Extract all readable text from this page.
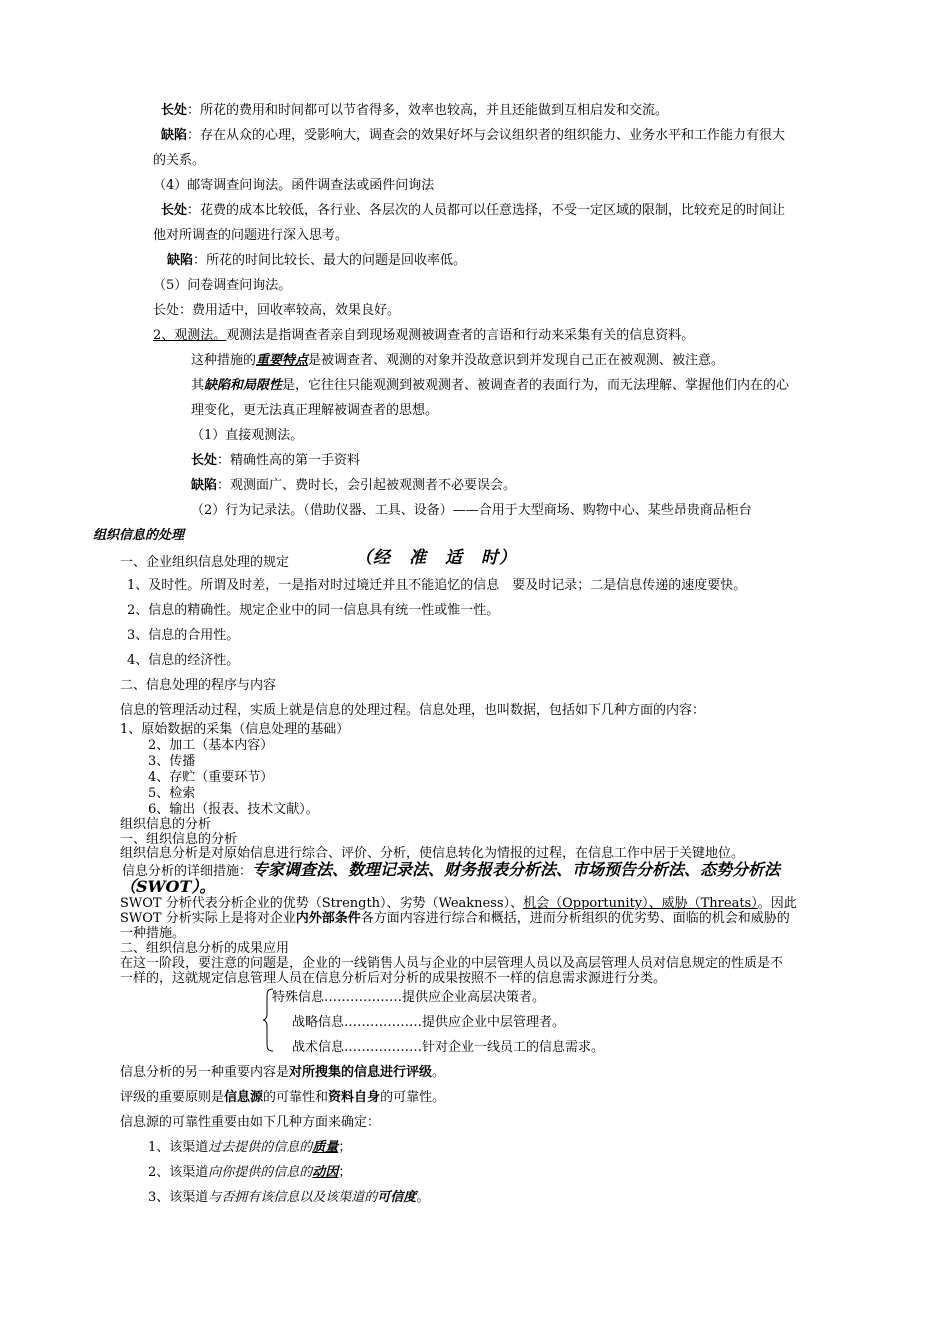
长处：所花的费用和时间都可以节省得多，效率也较高，并且还能做到互相启发和交流。
缺陷：存在从众的心理，受影响大，调查会的效果好坏与会议组织者的组织能力、业务水平和工作能力有很大
的关系。
（4）邮寄调查问询法。函件调查法或函件问询法
长处：花费的成本比较低，各行业、各层次的人员都可以任意选择，不受一定区域的限制，比较充足的时间让
他对所调查的问题进行深入思考。
缺陷：所花的时间比较长、最大的问题是回收率低。
（5）问卷调查问询法。
长处：费用适中，回收率较高，效果良好。
2、观测法。观测法是指调查者亲自到现场观测被调查者的言语和行动来采集有关的信息资料。
这种措施的重要特点是被调查者、观测的对象并没故意识到并发现自己正在被观测、被注意。
其缺陷和局限性是，它往往只能观测到被观测者、被调查者的表面行为，而无法理解、掌握他们内在的心
理变化，更无法真正理解被调查者的思想。
（1）直接观测法。
长处：精确性高的第一手资料
缺陷：观测面广、费时长，会引起被观测者不必要误会。
（2）行为记录法。（借助仪器、工具、设备）——合用于大型商场、购物中心、某些昂贵商品柜台
组织信息的处理
一、企业组织信息处理的规定	（经　准　适　时）
1、及时性。所谓及时差，一是指对时过境迁并且不能追忆的信息　要及时记录；二是信息传递的速度要快。
2、信息的精确性。规定企业中的同一信息具有统一性或惟一性。
3、信息的合用性。
4、信息的经济性。
二、信息处理的程序与内容
信息的管理活动过程，实质上就是信息的处理过程。信息处理，也叫数据，包括如下几种方面的内容：
1、原始数据的采集（信息处理的基础）
2、加工（基本内容）
3、传播
4、存贮（重要环节）
5、检索
6、输出（报表、技术文献）。
组织信息的分析
一、组织信息的分析
组织信息分析是对原始信息进行综合、评价、分析，使信息转化为情报的过程，在信息工作中居于关键地位。
信息分析的详细措施：专家调查法、数理记录法、财务报表分析法、市场预告分析法、态势分析法
（SWOT）。
SWOT 分析代表分析企业的优势（Strength）、劣势（Weakness）、机会（Opportunity）、威胁（Threats）。因此
SWOT 分析实际上是将对企业内外部条件各方面内容进行综合和概括，进而分析组织的优劣势、面临的机会和威胁的
一种措施。
二、组织信息分析的成果应用
在这一阶段，要注意的问题是，企业的一线销售人员与企业的中层管理人员以及高层管理人员对信息规定的性质是不
一样的，这就规定信息管理人员在信息分析后对分析的成果按照不一样的信息需求源进行分类。
特殊信息………………提供应企业高层决策者。
战略信息………………提供应企业中层管理者。
战术信息………………针对企业一线员工的信息需求。
信息分析的另一种重要内容是对所搜集的信息进行评级。
评级的重要原则是信息源的可靠性和资料自身的可靠性。
信息源的可靠性重要由如下几种方面来确定：
1、该渠道过去提供的信息的质量；
2、该渠道向你提供的信息的动因；
3、该渠道与否拥有该信息以及该渠道的可信度。
